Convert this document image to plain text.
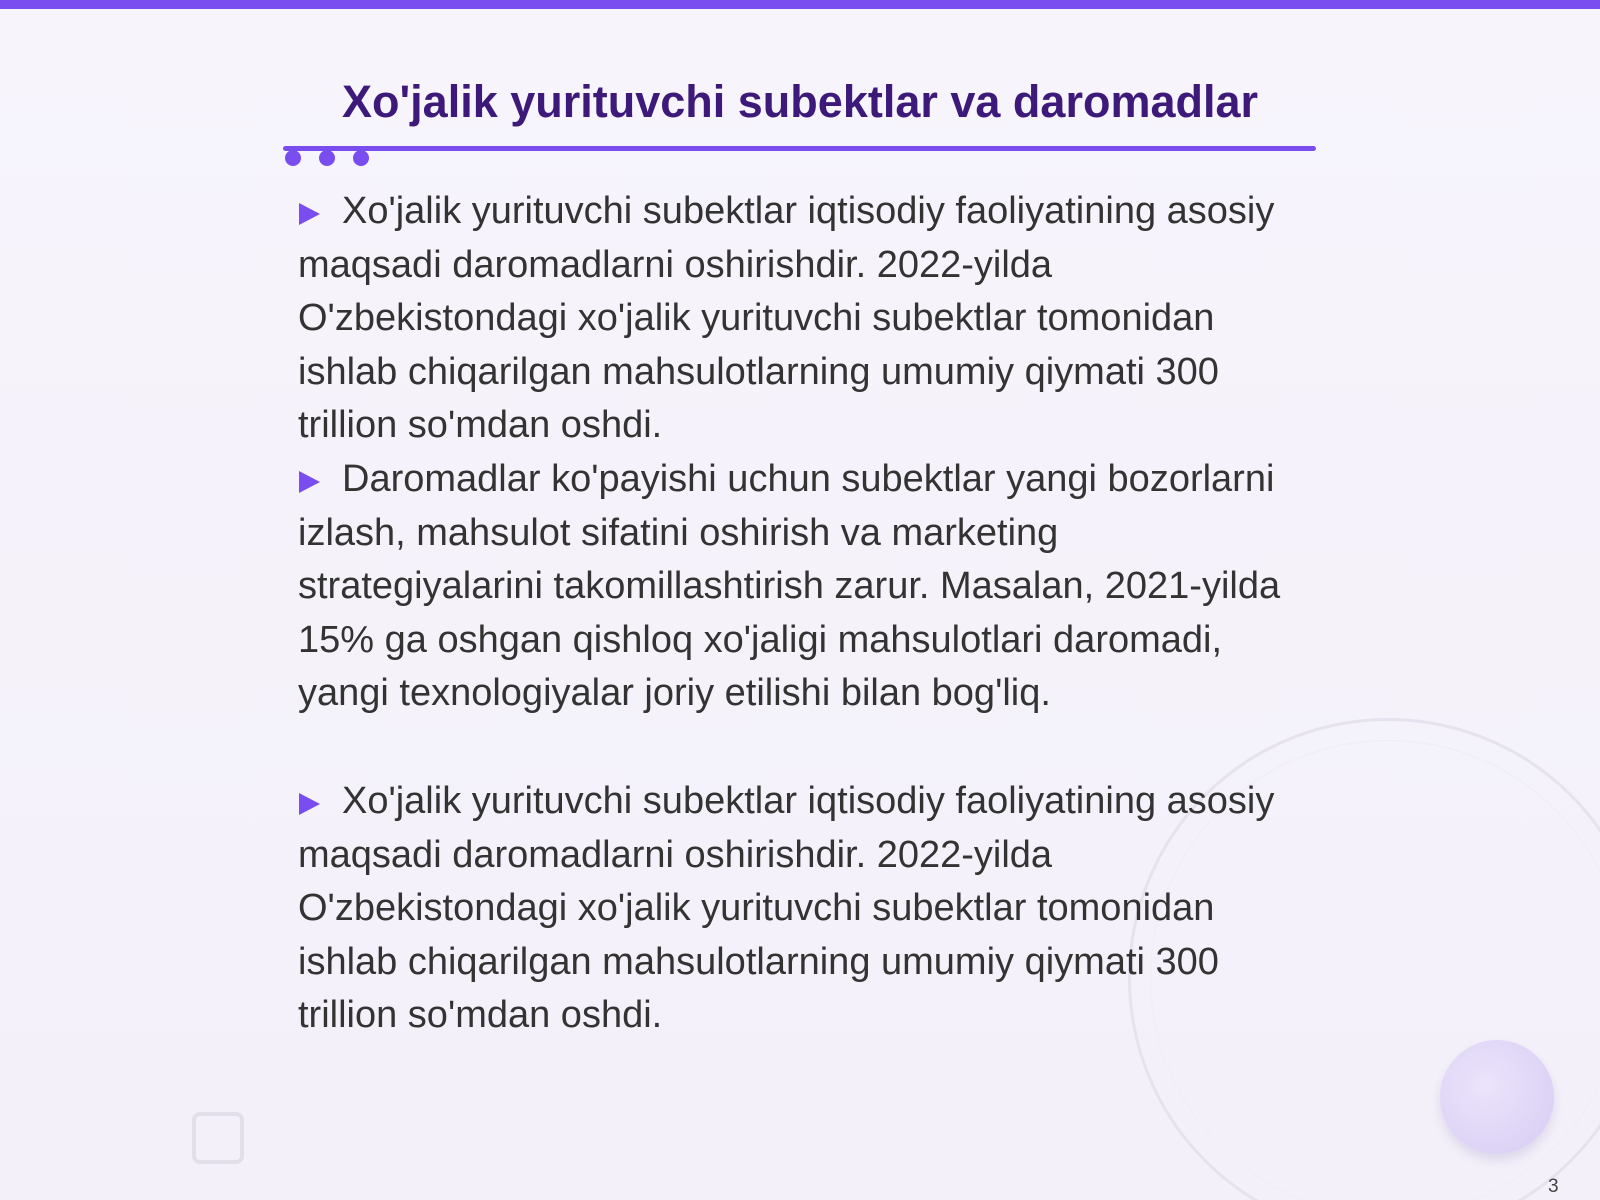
Xo'jalik yurituvchi subektlar va daromadlar

Xo'jalik yurituvchi subektlar iqtisodiy faoliyatining asosiy maqsadi daromadlarni oshirishdir. 2022-yilda O'zbekistondagi xo'jalik yurituvchi subektlar tomonidan ishlab chiqarilgan mahsulotlarning umumiy qiymati 300 trillion so'mdan oshdi.

Daromadlar ko'payishi uchun subektlar yangi bozorlarni izlash, mahsulot sifatini oshirish va marketing strategiyalarini takomillashtirish zarur. Masalan, 2021-yilda 15% ga oshgan qishloq xo'jaligi mahsulotlari daromadi, yangi texnologiyalar joriy etilishi bilan bog'liq.

Xo'jalik yurituvchi subektlar iqtisodiy faoliyatining asosiy maqsadi daromadlarni oshirishdir. 2022-yilda O'zbekistondagi xo'jalik yurituvchi subektlar tomonidan ishlab chiqarilgan mahsulotlarning umumiy qiymati 300 trillion so'mdan oshdi.

3
